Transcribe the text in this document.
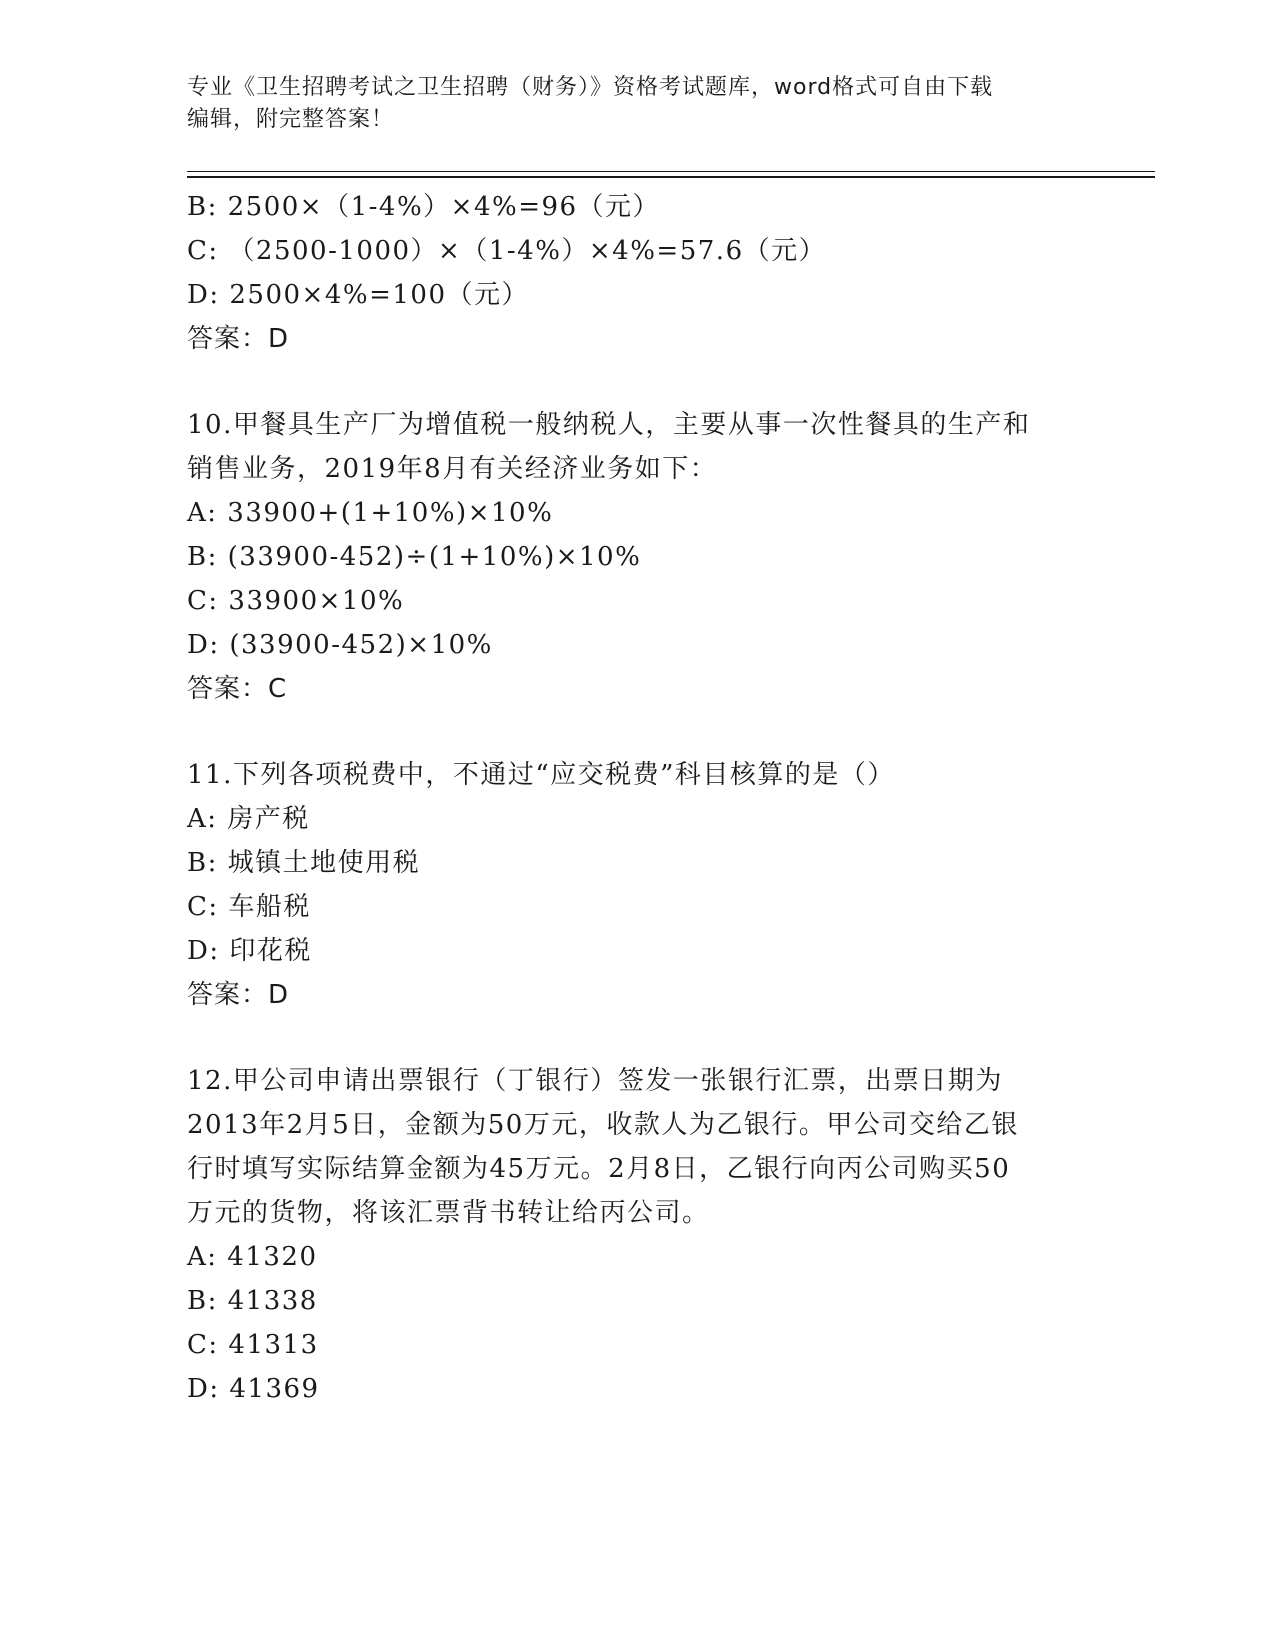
专业《卫生招聘考试之卫生招聘（财务）》资格考试题库，word格式可自由下载
编辑，附完整答案！
B: 2500×（1-4%）×4%=96（元）
C: （2500-1000）×（1-4%）×4%=57.6（元）
D: 2500×4%=100（元）
答案：D
10.甲餐具生产厂为增值税一般纳税人，主要从事一次性餐具的生产和
销售业务，2019年8月有关经济业务如下：
A: 33900+(1+10%)×10%
B: (33900-452)÷(1+10%)×10%
C: 33900×10%
D: (33900-452)×10%
答案：C
11.下列各项税费中，不通过“应交税费”科目核算的是（）
A: 房产税
B: 城镇土地使用税
C: 车船税
D: 印花税
答案：D
12.甲公司申请出票银行（丁银行）签发一张银行汇票，出票日期为
2013年2月5日，金额为50万元，收款人为乙银行。甲公司交给乙银
行时填写实际结算金额为45万元。2月8日，乙银行向丙公司购买50
万元的货物，将该汇票背书转让给丙公司。
A: 41320
B: 41338
C: 41313
D: 41369
